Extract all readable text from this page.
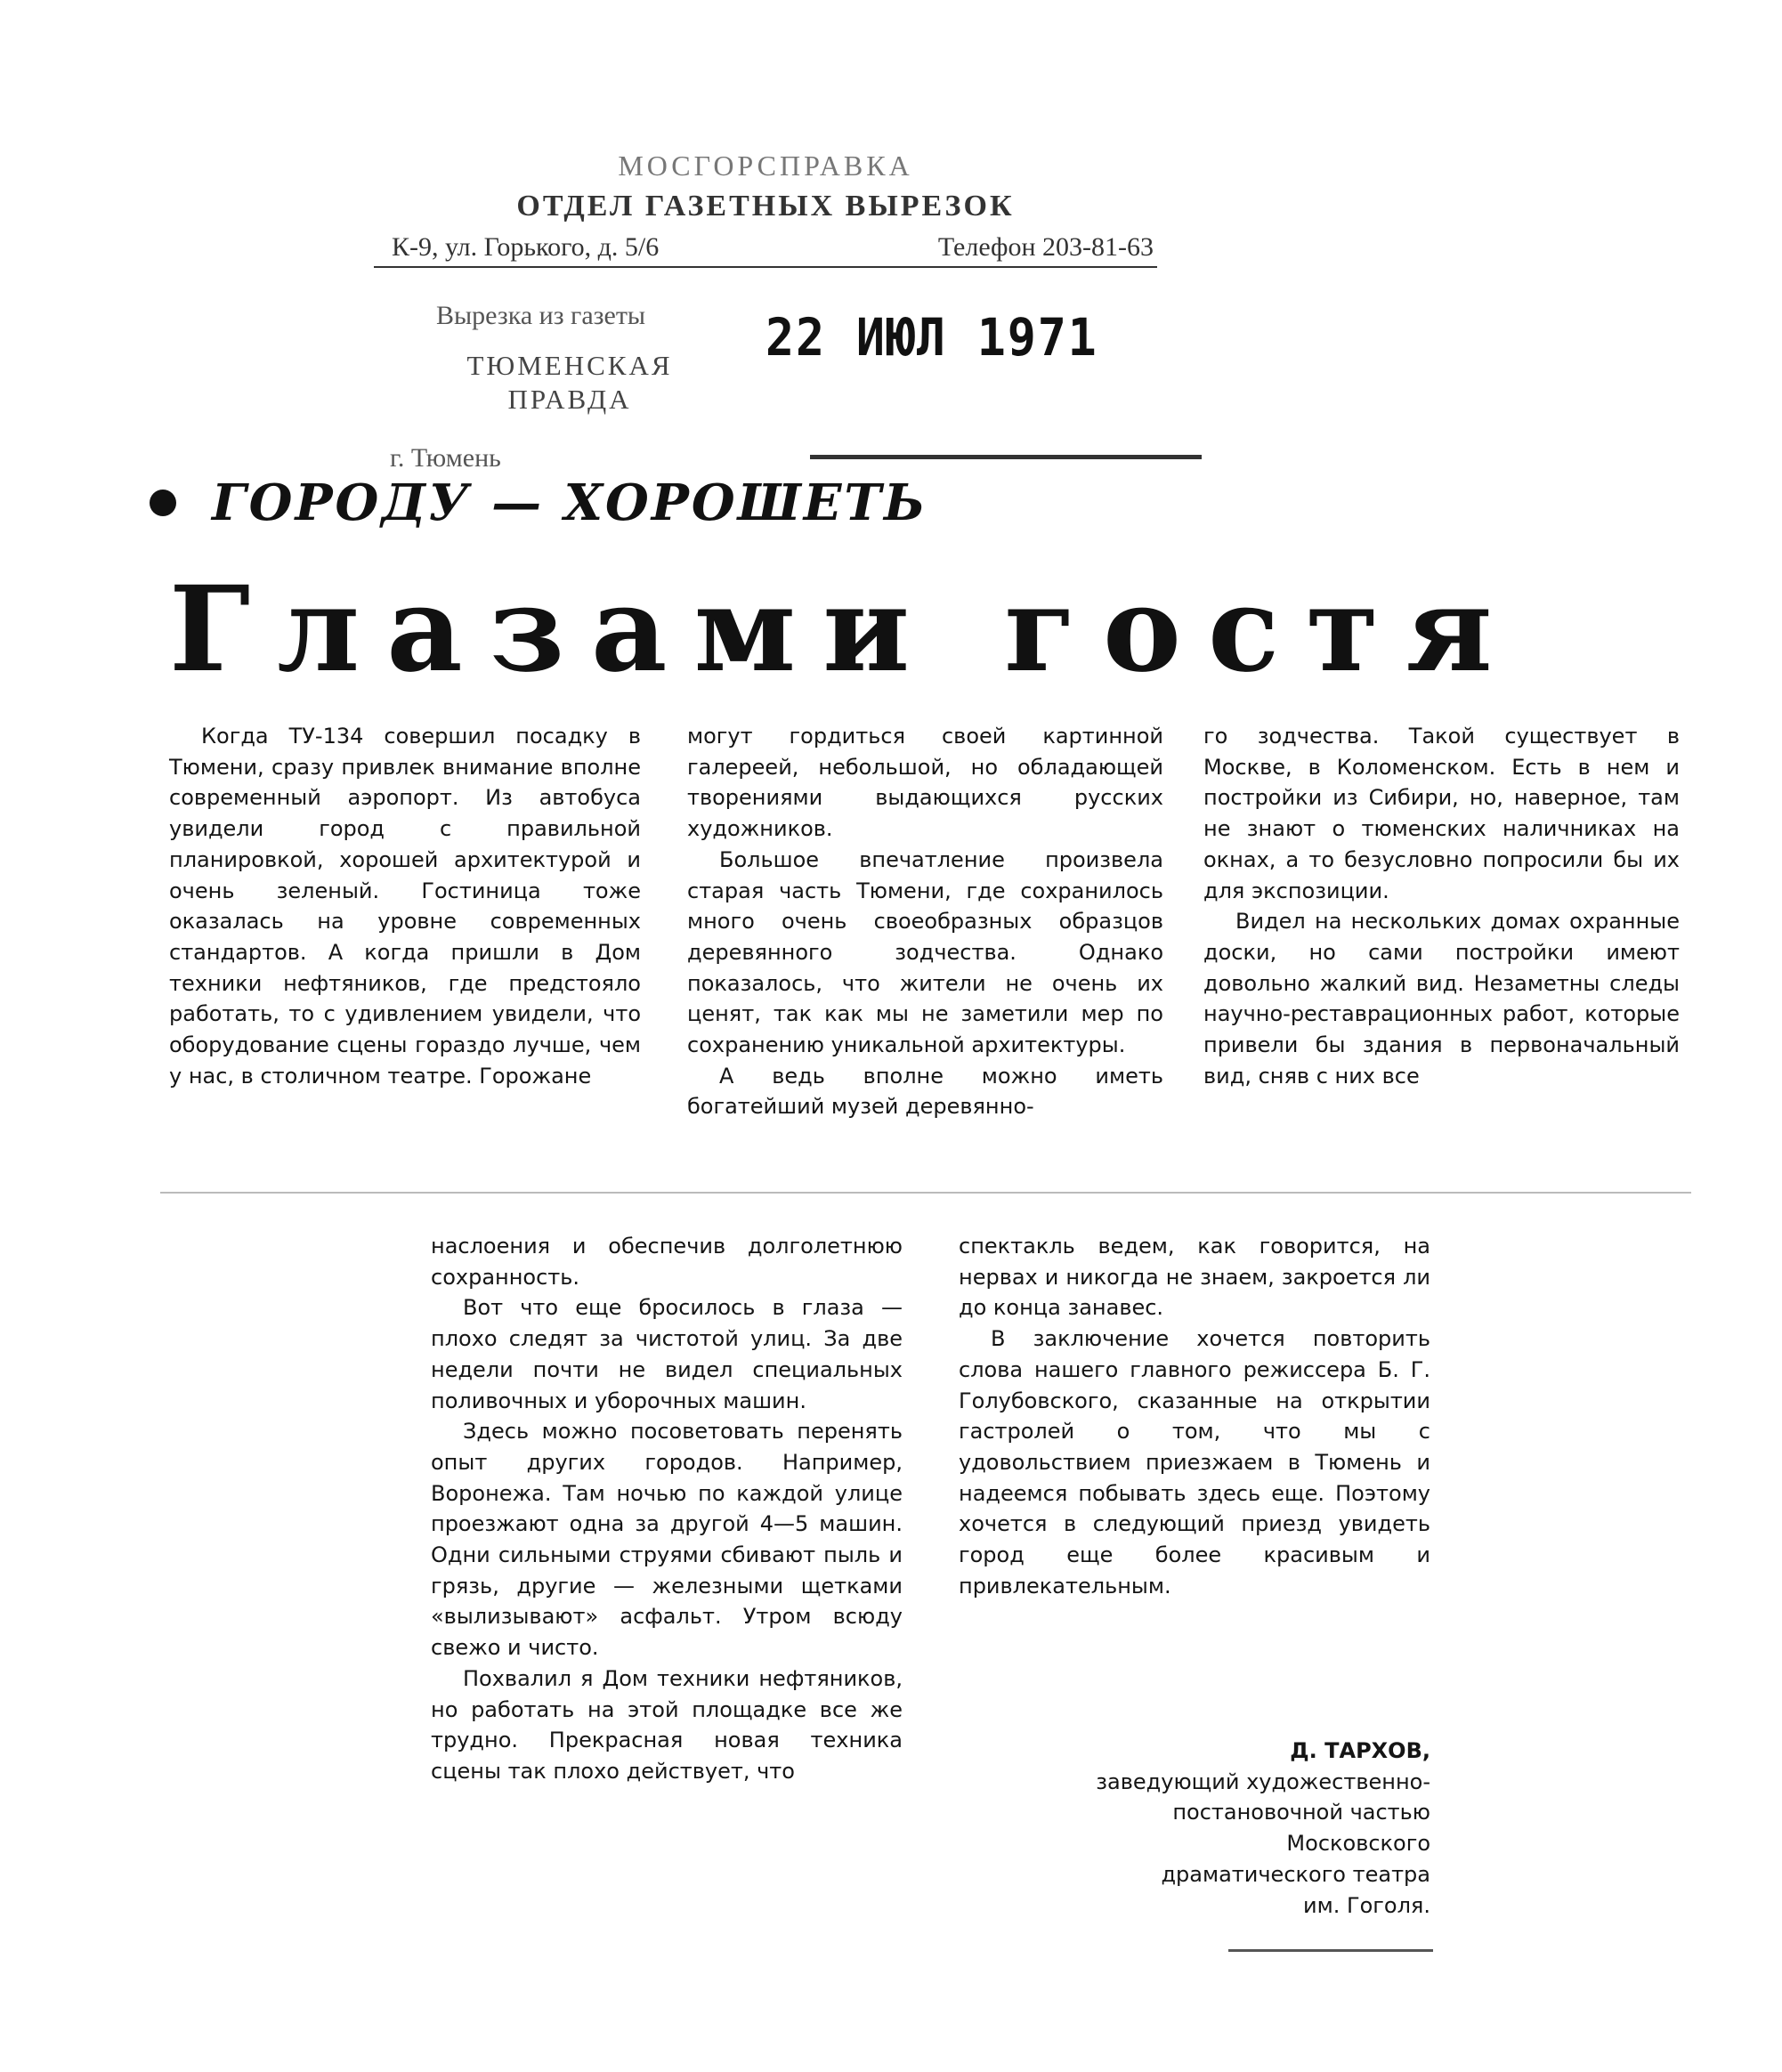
МОСГОРСПРАВКА
ОТДЕЛ ГАЗЕТНЫХ ВЫРЕЗОК
К-9, ул. Горького, д. 5/6	Телефон 203-81-63
Вырезка из газеты
ТЮМЕНСКАЯ ПРАВДА
22 ИЮЛ 1971
г. Тюмень
ГОРОДУ — ХОРОШЕТЬ
Глазами гостя

Когда ТУ-134 совершил посадку в Тюмени, сразу привлек внимание вполне современный аэропорт. Из автобуса увидели город с правильной планировкой, хорошей архитектурой и очень зеленый. Гостиница тоже оказалась на уровне современных стандартов. А когда пришли в Дом техники нефтяников, где предстояло работать, то с удивлением увидели, что оборудование сцены гораздо лучше, чем у нас, в столичном театре. Горожане

могут гордиться своей картинной галереей, небольшой, но обладающей творениями выдающихся русских художников.

Большое впечатление произвела старая часть Тюмени, где сохранилось много очень своеобразных образцов деревянного зодчества. Однако показалось, что жители не очень их ценят, так как мы не заметили мер по сохранению уникальной архитектуры.

А ведь вполне можно иметь богатейший музей деревянно-

го зодчества. Такой существует в Москве, в Коломенском. Есть в нем и постройки из Сибири, но, наверное, там не знают о тюменских наличниках на окнах, а то безусловно попросили бы их для экспозиции.

Видел на нескольких домах охранные доски, но сами постройки имеют довольно жалкий вид. Незаметны следы научно-реставрационных работ, которые привели бы здания в первоначальный вид, сняв с них все

наслоения и обеспечив долголетнюю сохранность.

Вот что еще бросилось в глаза — плохо следят за чистотой улиц. За две недели почти не видел специальных поливочных и уборочных машин.

Здесь можно посоветовать перенять опыт других городов. Например, Воронежа. Там ночью по каждой улице проезжают одна за другой 4—5 машин. Одни сильными струями сбивают пыль и грязь, другие — железными щетками «вылизывают» асфальт. Утром всюду свежо и чисто.

Похвалил я Дом техники нефтяников, но работать на этой площадке все же трудно. Прекрасная новая техника сцены так плохо действует, что

спектакль ведем, как говорится, на нервах и никогда не знаем, закроется ли до конца занавес.

В заключение хочется повторить слова нашего главного режиссера Б. Г. Голубовского, сказанные на открытии гастролей о том, что мы с удовольствием приезжаем в Тюмень и надеемся побывать здесь еще. Поэтому хочется в следующий приезд увидеть город еще более красивым и привлекательным.

Д. ТАРХОВ,
заведующий художественно-
постановочной частью
Московского
драматического театра
им. Гоголя.
